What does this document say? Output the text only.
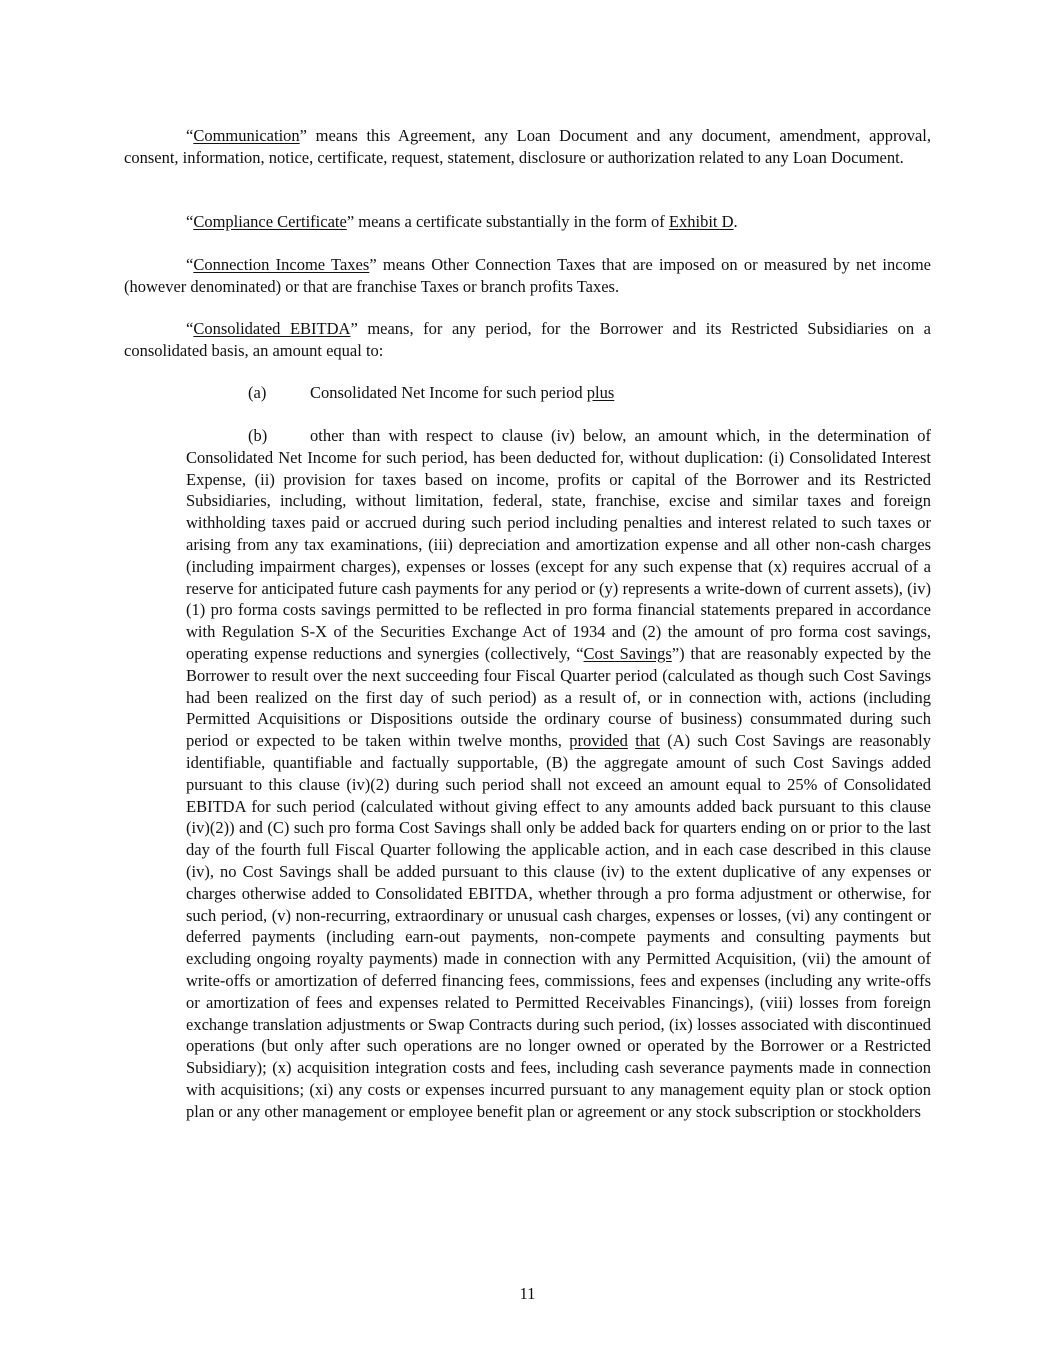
“Communication” means this Agreement, any Loan Document and any document, amendment, approval, consent, information, notice, certificate, request, statement, disclosure or authorization related to any Loan Document.

“Compliance Certificate” means a certificate substantially in the form of Exhibit D.

“Connection Income Taxes” means Other Connection Taxes that are imposed on or measured by net income (however denominated) or that are franchise Taxes or branch profits Taxes.

“Consolidated EBITDA” means, for any period, for the Borrower and its Restricted Subsidiaries on a consolidated basis, an amount equal to:

(a)	Consolidated Net Income for such period plus

(b)	other than with respect to clause (iv) below, an amount which, in the determination of Consolidated Net Income for such period, has been deducted for, without duplication: (i) Consolidated Interest Expense, (ii) provision for taxes based on income, profits or capital of the Borrower and its Restricted Subsidiaries, including, without limitation, federal, state, franchise, excise and similar taxes and foreign withholding taxes paid or accrued during such period including penalties and interest related to such taxes or arising from any tax examinations, (iii) depreciation and amortization expense and all other non-cash charges (including impairment charges), expenses or losses (except for any such expense that (x) requires accrual of a reserve for anticipated future cash payments for any period or (y) represents a write-down of current assets), (iv) (1) pro forma costs savings permitted to be reflected in pro forma financial statements prepared in accordance with Regulation S-X of the Securities Exchange Act of 1934 and (2) the amount of pro forma cost savings, operating expense reductions and synergies (collectively, “Cost Savings”) that are reasonably expected by the Borrower to result over the next succeeding four Fiscal Quarter period (calculated as though such Cost Savings had been realized on the first day of such period) as a result of, or in connection with, actions (including Permitted Acquisitions or Dispositions outside the ordinary course of business) consummated during such period or expected to be taken within twelve months, provided that (A) such Cost Savings are reasonably identifiable, quantifiable and factually supportable, (B) the aggregate amount of such Cost Savings added pursuant to this clause (iv)(2) during such period shall not exceed an amount equal to 25% of Consolidated EBITDA for such period (calculated without giving effect to any amounts added back pursuant to this clause (iv)(2)) and (C) such pro forma Cost Savings shall only be added back for quarters ending on or prior to the last day of the fourth full Fiscal Quarter following the applicable action, and in each case described in this clause (iv), no Cost Savings shall be added pursuant to this clause (iv) to the extent duplicative of any expenses or charges otherwise added to Consolidated EBITDA, whether through a pro forma adjustment or otherwise, for such period, (v) non-recurring, extraordinary or unusual cash charges, expenses or losses, (vi) any contingent or deferred payments (including earn-out payments, non-compete payments and consulting payments but excluding ongoing royalty payments) made in connection with any Permitted Acquisition, (vii) the amount of write-offs or amortization of deferred financing fees, commissions, fees and expenses (including any write-offs or amortization of fees and expenses related to Permitted Receivables Financings), (viii) losses from foreign exchange translation adjustments or Swap Contracts during such period, (ix) losses associated with discontinued operations (but only after such operations are no longer owned or operated by the Borrower or a Restricted Subsidiary); (x) acquisition integration costs and fees, including cash severance payments made in connection with acquisitions; (xi) any costs or expenses incurred pursuant to any management equity plan or stock option plan or any other management or employee benefit plan or agreement or any stock subscription or stockholders

11
